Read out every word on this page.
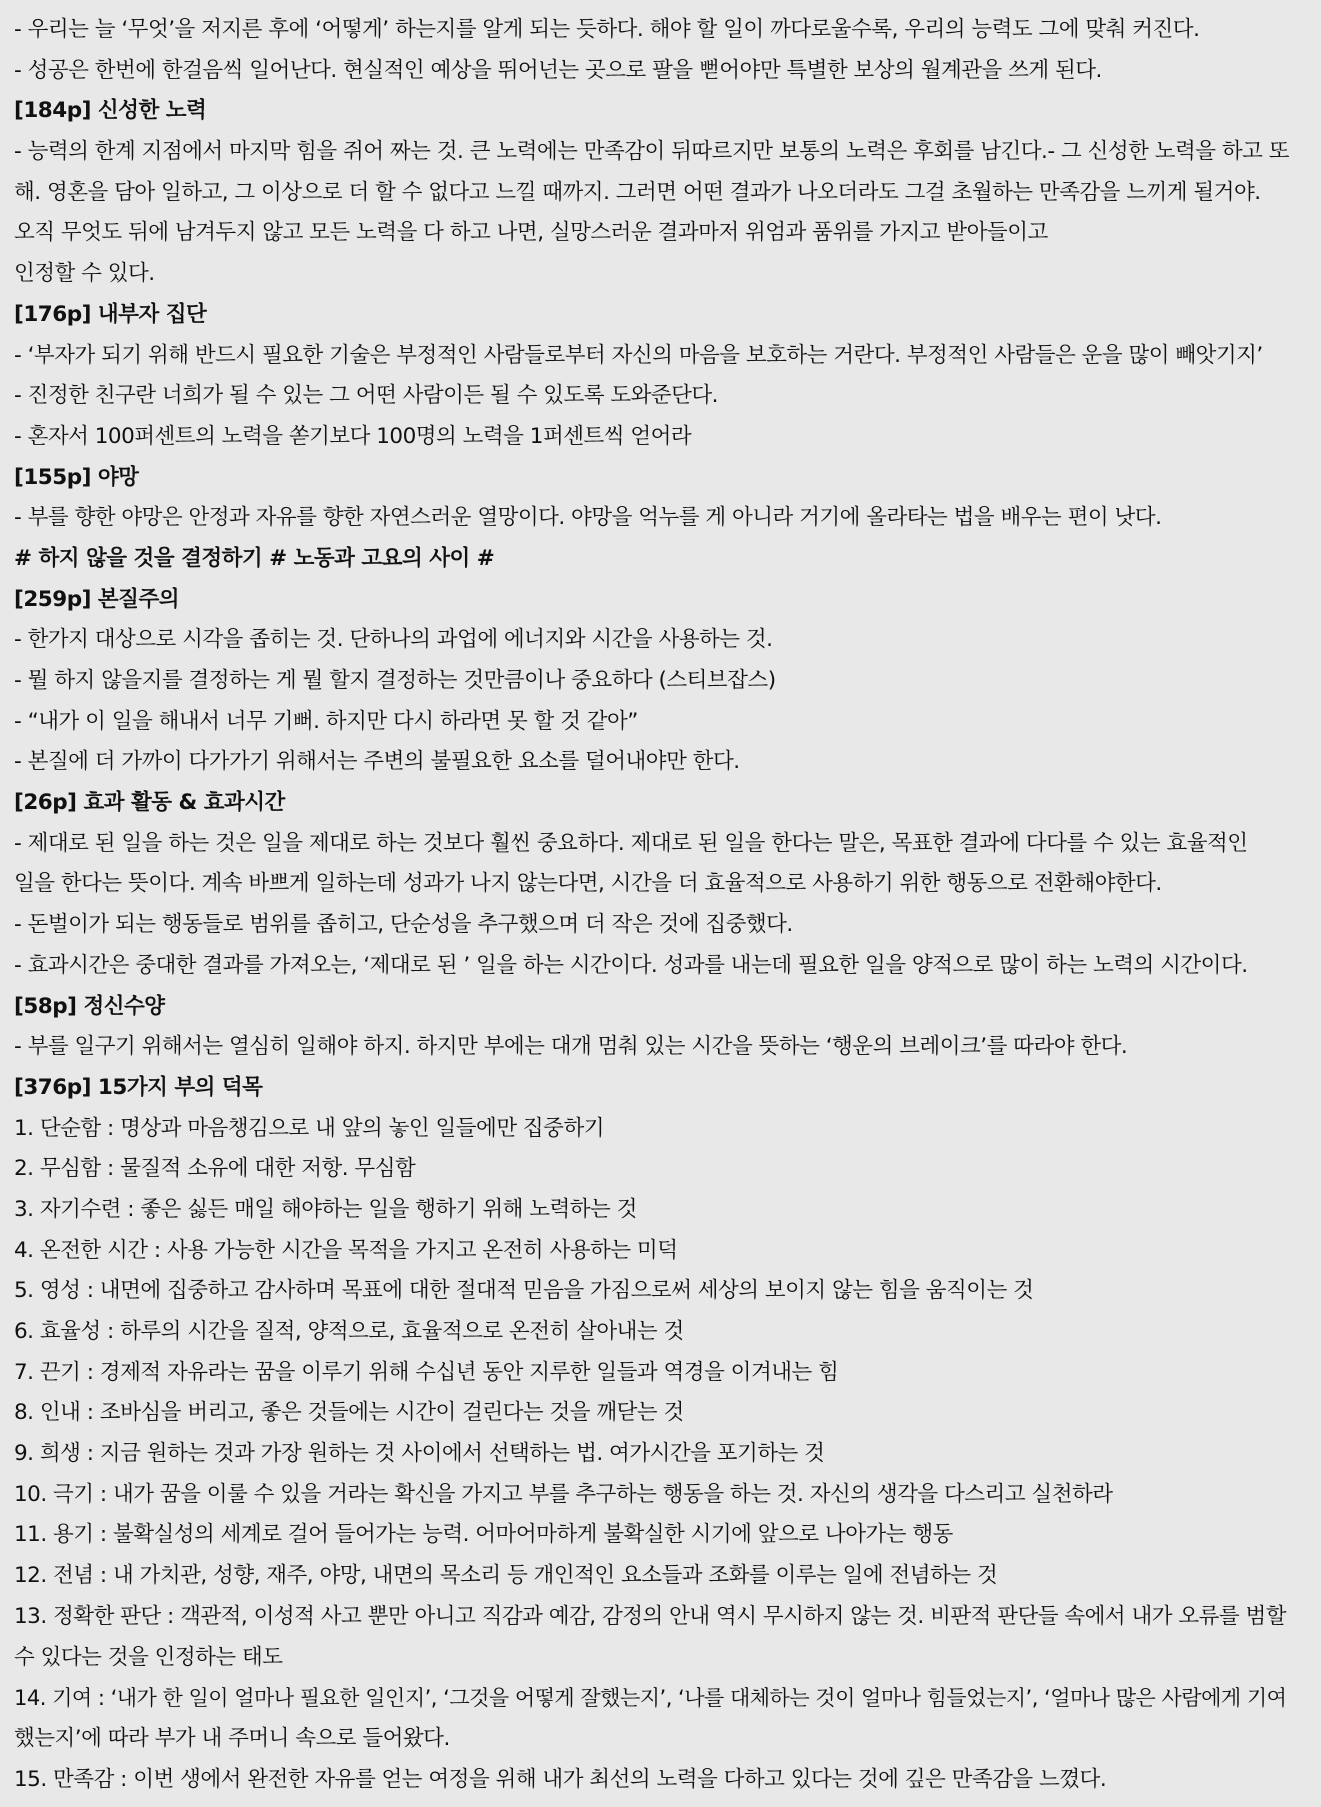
- 우리는 늘 ‘무엇’을 저지른 후에 ‘어떻게’ 하는지를 알게 되는 듯하다. 해야 할 일이 까다로울수록, 우리의 능력도 그에 맞춰 커진다.
- 성공은 한번에 한걸음씩 일어난다. 현실적인 예상을 뛰어넌는 곳으로 팔을 뻗어야만 특별한 보상의 월계관을 쓰게 된다.
[184p] 신성한 노력
- 능력의 한계 지점에서 마지막 힘을 쥐어 짜는 것. 큰 노력에는 만족감이 뒤따르지만 보통의 노력은 후회를 남긴다.- 그 신성한 노력을 하고 또
해. 영혼을 담아 일하고, 그 이상으로 더 할 수 없다고 느낄 때까지. 그러면 어떤 결과가 나오더라도 그걸 초월하는 만족감을 느끼게 될거야.
오직 무엇도 뒤에 남겨두지 않고 모든 노력을 다 하고 나면, 실망스러운 결과마저 위엄과 품위를 가지고 받아들이고
인정할 수 있다.
[176p] 내부자 집단
- ‘부자가 되기 위해 반드시 필요한 기술은 부정적인 사람들로부터 자신의 마음을 보호하는 거란다. 부정적인 사람들은 운을 많이 빼앗기지’
- 진정한 친구란 너희가 될 수 있는 그 어떤 사람이든 될 수 있도록 도와준단다.
- 혼자서 100퍼센트의 노력을 쏟기보다 100명의 노력을 1퍼센트씩 얻어라
[155p] 야망
- 부를 향한 야망은 안정과 자유를 향한 자연스러운 열망이다. 야망을 억누를 게 아니라 거기에 올라타는 법을 배우는 편이 낫다.
# 하지 않을 것을 결정하기 # 노동과 고요의 사이 #
[259p] 본질주의
- 한가지 대상으로 시각을 좁히는 것. 단하나의 과업에 에너지와 시간을 사용하는 것.
- 뭘 하지 않을지를 결정하는 게 뭘 할지 결정하는 것만큼이나 중요하다 (스티브잡스)
- “내가 이 일을 해내서 너무 기뻐. 하지만 다시 하라면 못 할 것 같아”
- 본질에 더 가까이 다가가기 위해서는 주변의 불필요한 요소를 덜어내야만 한다.
[26p] 효과 활동 & 효과시간
- 제대로 된 일을 하는 것은 일을 제대로 하는 것보다 훨씬 중요하다. 제대로 된 일을 한다는 말은, 목표한 결과에 다다를 수 있는 효율적인
일을 한다는 뜻이다. 계속 바쁘게 일하는데 성과가 나지 않는다면, 시간을 더 효율적으로 사용하기 위한 행동으로 전환해야한다.
- 돈벌이가 되는 행동들로 범위를 좁히고, 단순성을 추구했으며 더 작은 것에 집중했다.
- 효과시간은 중대한 결과를 가져오는, ‘제대로 된 ’ 일을 하는 시간이다. 성과를 내는데 필요한 일을 양적으로 많이 하는 노력의 시간이다.
[58p] 정신수양
- 부를 일구기 위해서는 열심히 일해야 하지. 하지만 부에는 대개 멈춰 있는 시간을 뜻하는 ‘행운의 브레이크’를 따라야 한다.
[376p] 15가지 부의 덕목
1. 단순함 : 명상과 마음챙김으로 내 앞의 놓인 일들에만 집중하기
2. 무심함 : 물질적 소유에 대한 저항. 무심함
3. 자기수련 : 좋은 싫든 매일 해야하는 일을 행하기 위해 노력하는 것
4. 온전한 시간 : 사용 가능한 시간을 목적을 가지고 온전히 사용하는 미덕
5. 영성 : 내면에 집중하고 감사하며 목표에 대한 절대적 믿음을 가짐으로써 세상의 보이지 않는 힘을 움직이는 것
6. 효율성 : 하루의 시간을 질적, 양적으로, 효율적으로 온전히 살아내는 것
7. 끈기 : 경제적 자유라는 꿈을 이루기 위해 수십년 동안 지루한 일들과 역경을 이겨내는 힘
8. 인내 : 조바심을 버리고, 좋은 것들에는 시간이 걸린다는 것을 깨닫는 것
9. 희생 : 지금 원하는 것과 가장 원하는 것 사이에서 선택하는 법. 여가시간을 포기하는 것
10. 극기 : 내가 꿈을 이룰 수 있을 거라는 확신을 가지고 부를 추구하는 행동을 하는 것. 자신의 생각을 다스리고 실천하라
11. 용기 : 불확실성의 세계로 걸어 들어가는 능력. 어마어마하게 불확실한 시기에 앞으로 나아가는 행동
12. 전념 : 내 가치관, 성향, 재주, 야망, 내면의 목소리 등 개인적인 요소들과 조화를 이루는 일에 전념하는 것
13. 정확한 판단 : 객관적, 이성적 사고 뿐만 아니고 직감과 예감, 감정의 안내 역시 무시하지 않는 것. 비판적 판단들 속에서 내가 오류를 범할
수 있다는 것을 인정하는 태도
14. 기여 : ‘내가 한 일이 얼마나 필요한 일인지’, ‘그것을 어떻게 잘했는지’, ‘나를 대체하는 것이 얼마나 힘들었는지’, ‘얼마나 많은 사람에게 기여
했는지’에 따라 부가 내 주머니 속으로 들어왔다.
15. 만족감 : 이번 생에서 완전한 자유를 얻는 여정을 위해 내가 최선의 노력을 다하고 있다는 것에 깊은 만족감을 느꼈다.
